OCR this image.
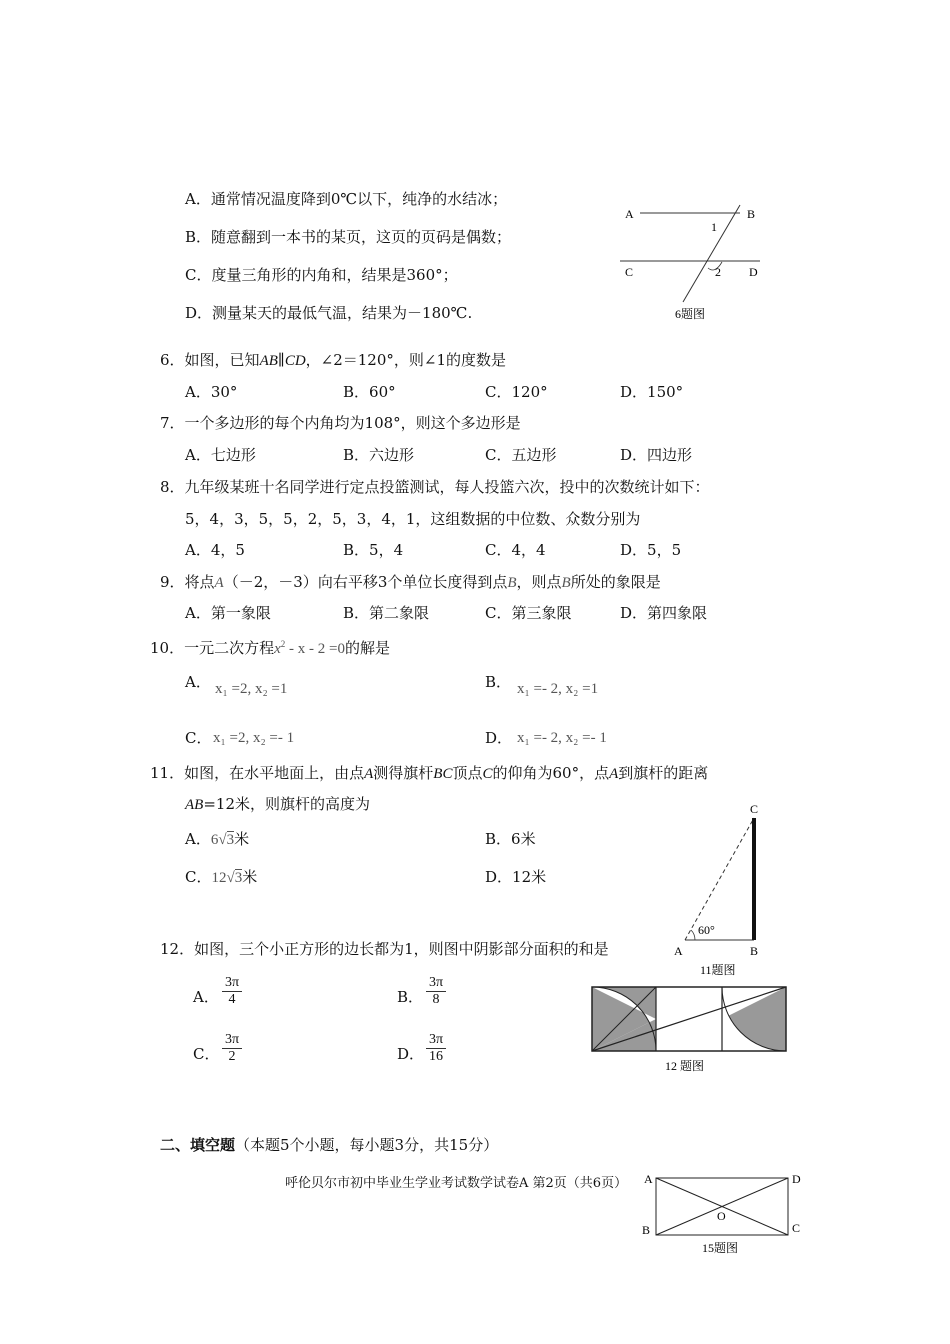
A．通常情况温度降到0℃以下，纯净的水结冰；
B．随意翻到一本书的某页，这页的页码是偶数；
C．度量三角形的内角和，结果是360°；
D．测量某天的最低气温，结果为－180℃.
A	B
C	D
1
2
6题图
6．如图，已知AB∥CD，∠2＝120°，则∠1的度数是
A．30°	B．60°	C．120°	D．150°
7．一个多边形的每个内角均为108°，则这个多边形是
A．七边形	B．六边形	C．五边形	D．四边形
8．九年级某班十名同学进行定点投篮测试，每人投篮六次，投中的次数统计如下：
5，4，3，5，5，2，5，3，4，1，这组数据的中位数、众数分别为
A．4，5	B．5，4	C．4，4	D．5，5
9．将点A（－2，－3）向右平移3个单位长度得到点B，则点B所处的象限是
A．第一象限	B．第二象限	C．第三象限	D．第四象限
10．一元二次方程$x^2 - x - 2 =0$的解是
A． x₁ =2, x₂ =1	B． x₁ =- 2, x₂ =1
C． x₁ =2, x₂ =- 1	D． x₁ =- 2, x₂ =- 1
11．如图，在水平地面上，由点A测得旗杆BC顶点C的仰角为60°，点A到旗杆的距离
AB=12米，则旗杆的高度为
A．6√3米	B．6米
C．12√3米	D．12米
C
A	B
60°
11题图
12．如图，三个小正方形的边长都为1，则图中阴影部分面积的和是
A． $\frac{3\pi}{4}$	B． $\frac{3\pi}{8}$
C． $\frac{3\pi}{2}$	D． $\frac{3\pi}{16}$
12 题图
二、填空题（本题5个小题，每小题3分，共15分）
呼伦贝尔市初中毕业生学业考试数学试卷A 第2页（共6页） A	D
B	C
O
15题图
